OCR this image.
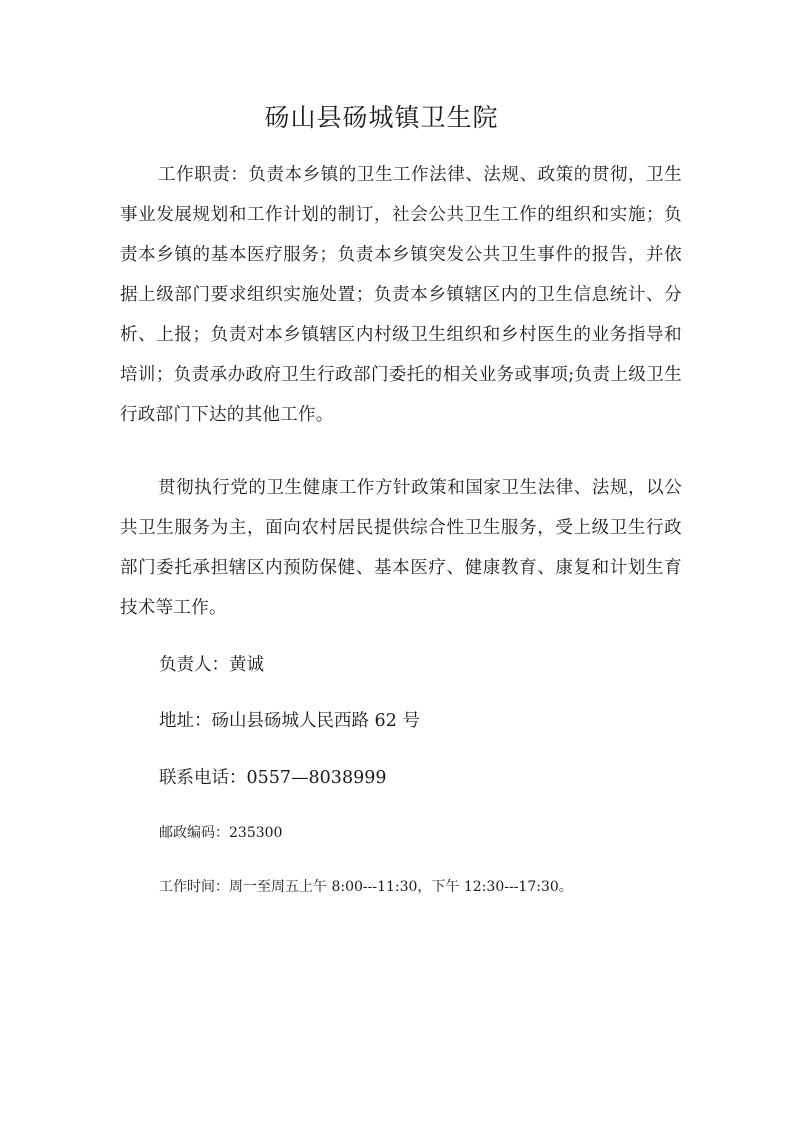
砀山县砀城镇卫生院

工作职责：负责本乡镇的卫生工作法律、法规、政策的贯彻，卫生事业发展规划和工作计划的制订，社会公共卫生工作的组织和实施；负责本乡镇的基本医疗服务；负责本乡镇突发公共卫生事件的报告，并依据上级部门要求组织实施处置；负责本乡镇辖区内的卫生信息统计、分析、上报；负责对本乡镇辖区内村级卫生组织和乡村医生的业务指导和培训；负责承办政府卫生行政部门委托的相关业务或事项;负责上级卫生行政部门下达的其他工作。

贯彻执行党的卫生健康工作方针政策和国家卫生法律、法规，以公共卫生服务为主，面向农村居民提供综合性卫生服务，受上级卫生行政部门委托承担辖区内预防保健、基本医疗、健康教育、康复和计划生育技术等工作。

负责人：黄诚

地址：砀山县砀城人民西路 62 号

联系电话：0557—8038999

邮政编码：235300

工作时间：周一至周五上午 8:00---11:30，下午 12:30---17:30。
